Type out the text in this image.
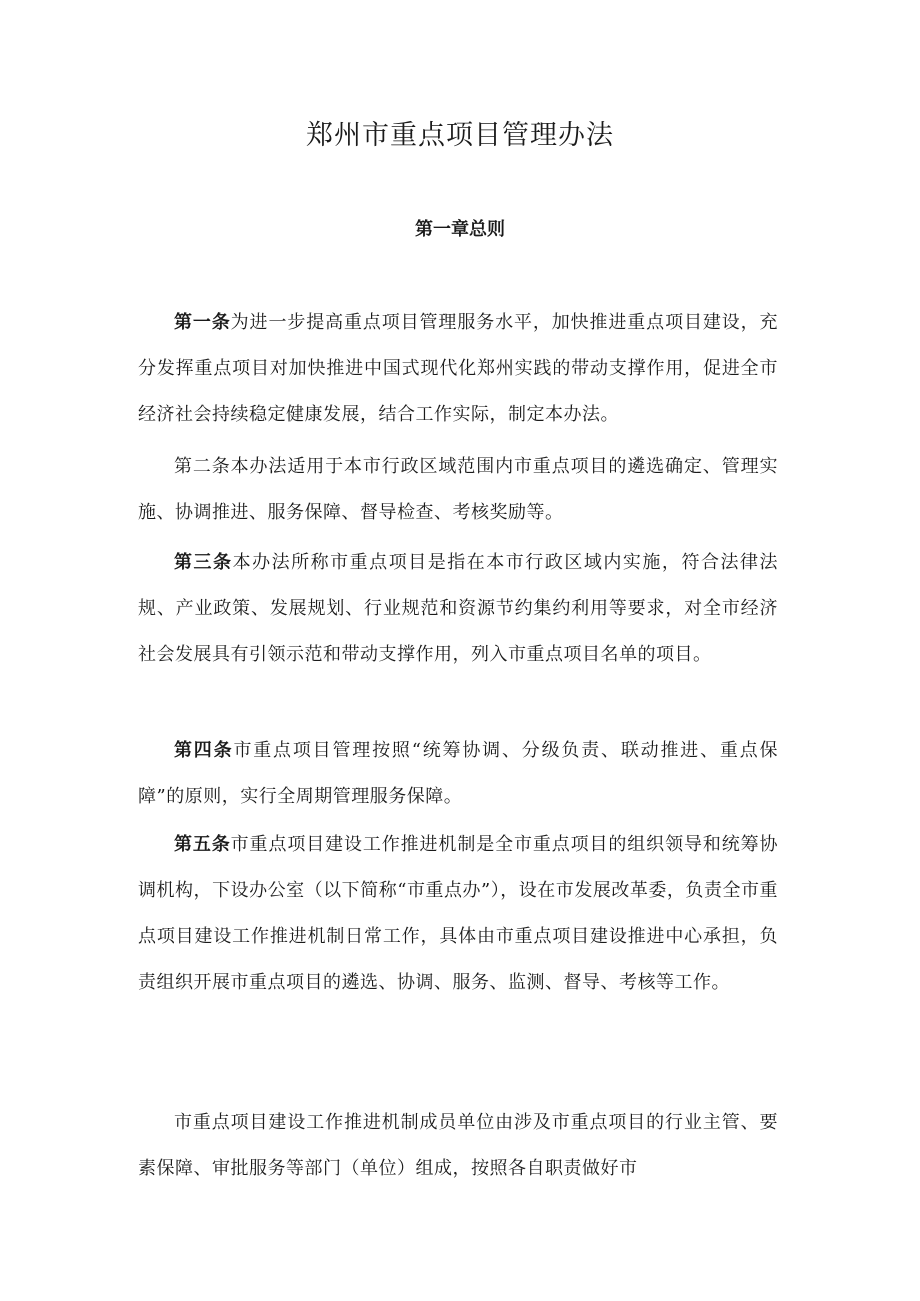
郑州市重点项目管理办法
第一章总则

第一条为进一步提高重点项目管理服务水平，加快推进重点项目建设，充分发挥重点项目对加快推进中国式现代化郑州实践的带动支撑作用，促进全市经济社会持续稳定健康发展，结合工作实际，制定本办法。

第二条本办法适用于本市行政区域范围内市重点项目的遴选确定、管理实施、协调推进、服务保障、督导检查、考核奖励等。

第三条本办法所称市重点项目是指在本市行政区域内实施，符合法律法规、产业政策、发展规划、行业规范和资源节约集约利用等要求，对全市经济社会发展具有引领示范和带动支撑作用，列入市重点项目名单的项目。

第四条市重点项目管理按照“统筹协调、分级负责、联动推进、重点保障”的原则，实行全周期管理服务保障。

第五条市重点项目建设工作推进机制是全市重点项目的组织领导和统筹协调机构，下设办公室（以下简称“市重点办”），设在市发展改革委，负责全市重点项目建设工作推进机制日常工作，具体由市重点项目建设推进中心承担，负责组织开展市重点项目的遴选、协调、服务、监测、督导、考核等工作。

市重点项目建设工作推进机制成员单位由涉及市重点项目的行业主管、要素保障、审批服务等部门（单位）组成，按照各自职责做好市
